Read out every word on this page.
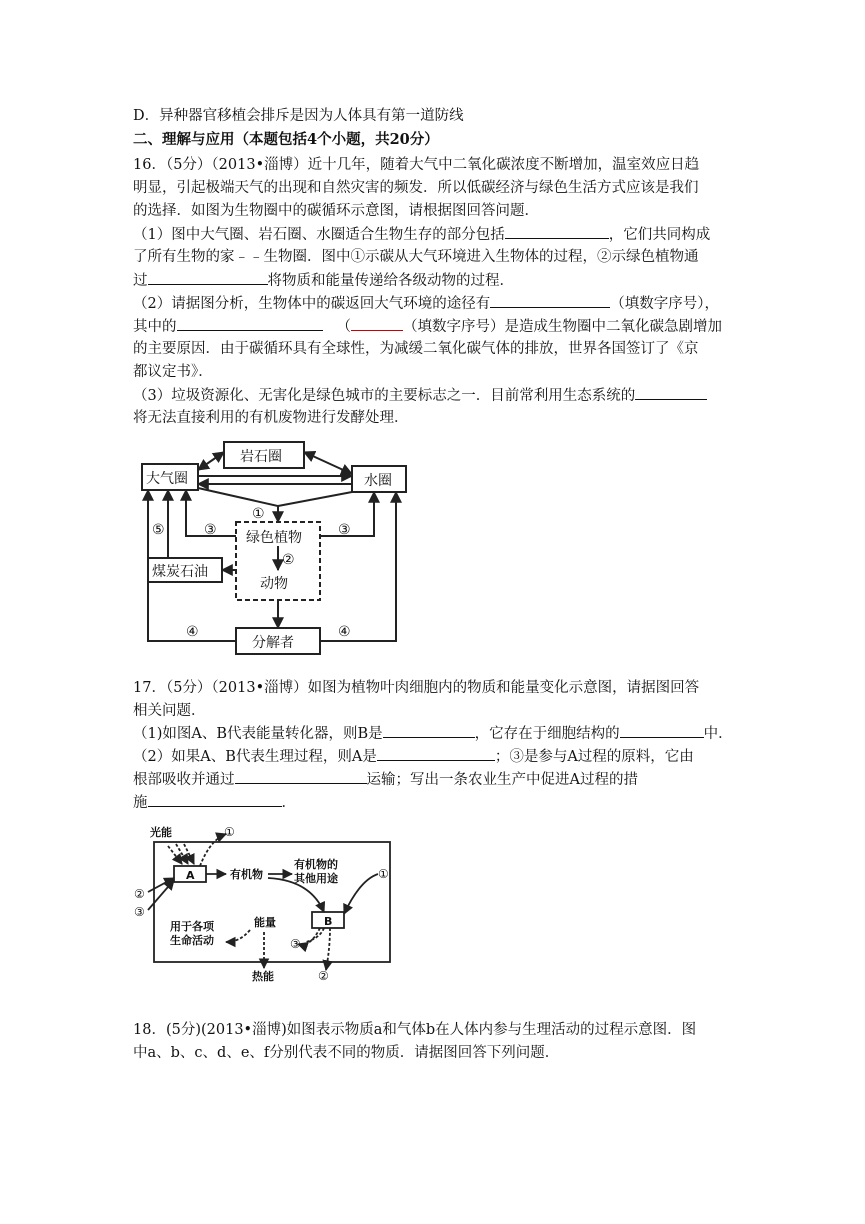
D．异种器官移植会排斥是因为人体具有第一道防线
二、理解与应用（本题包括4个小题，共20分）
16．（5分）（2013•淄博）近十几年，随着大气中二氧化碳浓度不断增加，温室效应日趋
明显，引起极端天气的出现和自然灾害的频发．所以低碳经济与绿色生活方式应该是我们
的选择．如图为生物圈中的碳循环示意图，请根据图回答问题．
（1）图中大气圈、岩石圈、水圈适合生物生存的部分包括	，它们共同构成
了所有生物的家﹣﹣生物圈．图中①示碳从大气环境进入生物体的过程，②示绿色植物通
过	将物质和能量传递给各级动物的过程．
（2）请据图分析，生物体中的碳返回大气环境的途径有	（填数字序号），
其中的	（	（填数字序号）是造成生物圈中二氧化碳急剧增加
的主要原因．由于碳循环具有全球性，为减缓二氧化碳气体的排放，世界各国签订了《京
都议定书》．
（3）垃圾资源化、无害化是绿色城市的主要标志之一．目前常利用生态系统的
将无法直接利用的有机废物进行发酵处理．
大气圈
岩石圈
水圈
绿色植物
动物
煤炭石油
分解者
①
②
③	③
⑤
④	④
17．（5分）（2013•淄博）如图为植物叶肉细胞内的物质和能量变化示意图，请据图回答
相关问题．
（1)如图A、B代表能量转化器，则B是	，它存在于细胞结构的	中．
（2）如果A、B代表生理过程，则A是	；③是参与A过程的原料，它由
根部吸收并通过	运输；写出一条农业生产中促进A过程的措
施	．
光能
A
B
有机物
有机物的
其他用途
用于各项
生命活动
能量
热能
①
②
③
①
③
②
18．(5分)(2013•淄博)如图表示物质a和气体b在人体内参与生理活动的过程示意图．图
中a、b、c、d、e、f分别代表不同的物质．请据图回答下列问题．
